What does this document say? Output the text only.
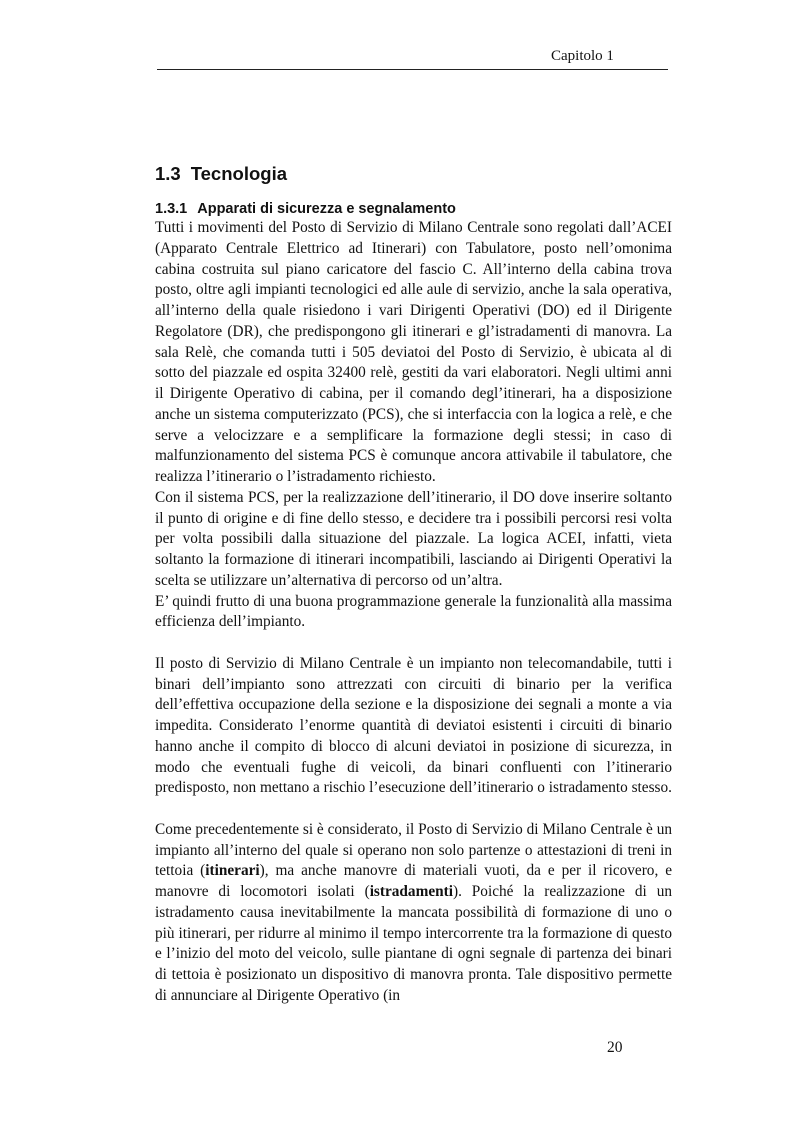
Capitolo 1
1.3 Tecnologia
1.3.1 Apparati di sicurezza e segnalamento

Tutti i movimenti del Posto di Servizio di Milano Centrale sono regolati dall’ACEI (Apparato Centrale Elettrico ad Itinerari) con Tabulatore, posto nell’omonima cabina costruita sul piano caricatore del fascio C. All’interno della cabina trova posto, oltre agli impianti tecnologici ed alle aule di servizio, anche la sala operativa, all’interno della quale risiedono i vari Dirigenti Operativi (DO) ed il Dirigente Regolatore (DR), che predispongono gli itinerari e gl’istradamenti di manovra. La sala Relè, che comanda tutti i 505 deviatoi del Posto di Servizio, è ubicata al di sotto del piazzale ed ospita 32400 relè, gestiti da vari elaboratori. Negli ultimi anni il Dirigente Operativo di cabina, per il comando degl’itinerari, ha a disposizione anche un sistema computerizzato (PCS), che si interfaccia con la logica a relè, e che serve a velocizzare e a semplificare la formazione degli stessi; in caso di malfunzionamento del sistema PCS è comunque ancora attivabile il tabulatore, che realizza l’itinerario o l’istradamento richiesto.

Con il sistema PCS, per la realizzazione dell’itinerario, il DO dove inserire soltanto il punto di origine e di fine dello stesso, e decidere tra i possibili percorsi resi volta per volta possibili dalla situazione del piazzale. La logica ACEI, infatti, vieta soltanto la formazione di itinerari incompatibili, lasciando ai Dirigenti Operativi la scelta se utilizzare un’alternativa di percorso od un’altra.

E’ quindi frutto di una buona programmazione generale la funzionalità alla massima efficienza dell’impianto.

Il posto di Servizio di Milano Centrale è un impianto non telecomandabile, tutti i binari dell’impianto sono attrezzati con circuiti di binario per la verifica dell’effettiva occupazione della sezione e la disposizione dei segnali a monte a via impedita. Considerato l’enorme quantità di deviatoi esistenti i circuiti di binario hanno anche il compito di blocco di alcuni deviatoi in posizione di sicurezza, in modo che eventuali fughe di veicoli, da binari confluenti con l’itinerario predisposto, non mettano a rischio l’esecuzione dell’itinerario o istradamento stesso.

Come precedentemente si è considerato, il Posto di Servizio di Milano Centrale è un impianto all’interno del quale si operano non solo partenze o attestazioni di treni in tettoia (itinerari), ma anche manovre di materiali vuoti, da e per il ricovero, e manovre di locomotori isolati (istradamenti). Poiché la realizzazione di un istradamento causa inevitabilmente la mancata possibilità di formazione di uno o più itinerari, per ridurre al minimo il tempo intercorrente tra la formazione di questo e l’inizio del moto del veicolo, sulle piantane di ogni segnale di partenza dei binari di tettoia è posizionato un dispositivo di manovra pronta. Tale dispositivo permette di annunciare al Dirigente Operativo (in

20
